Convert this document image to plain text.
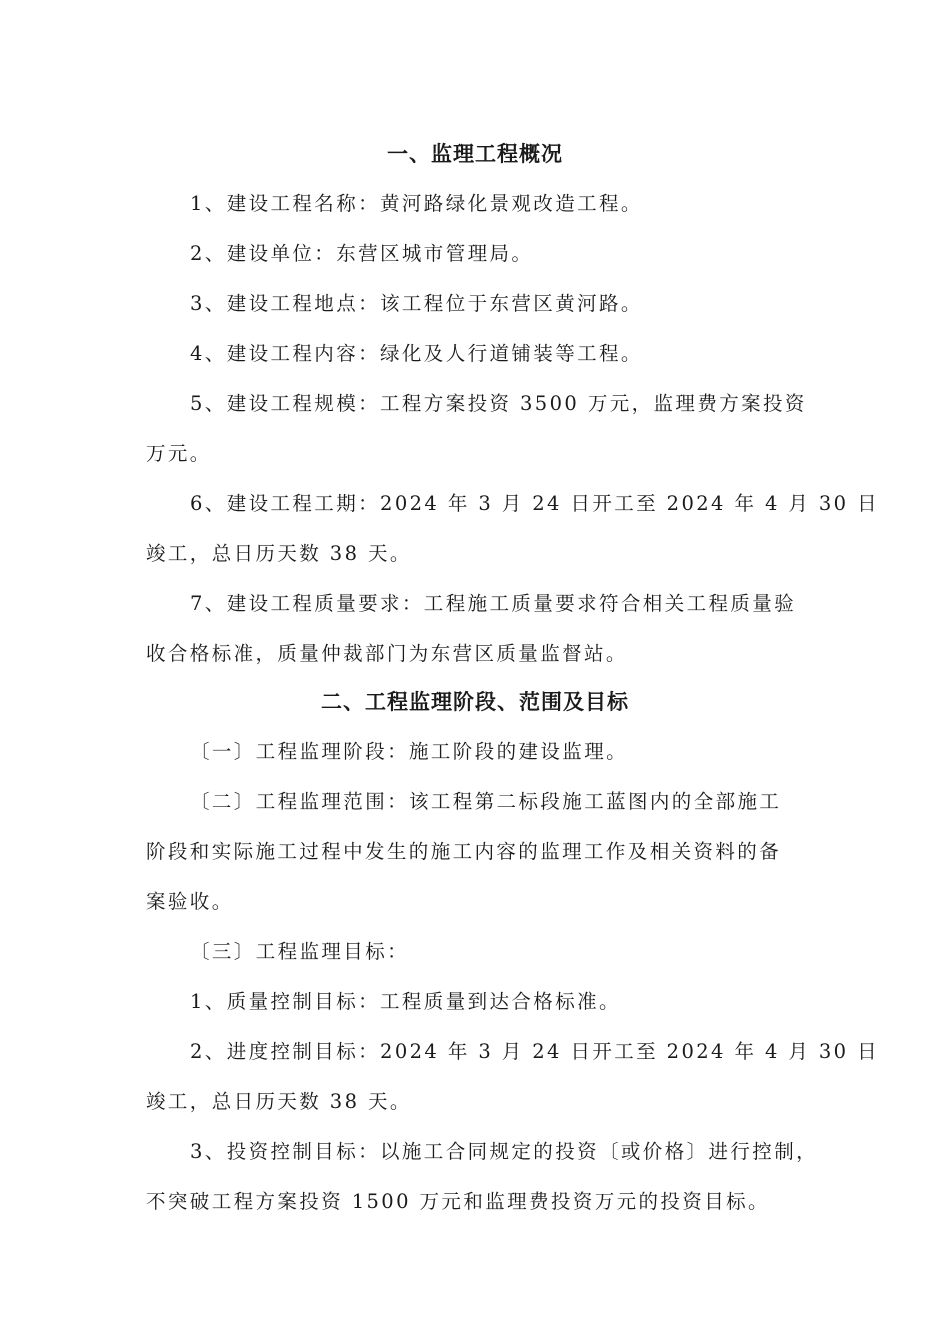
一、监理工程概况
1、建设工程名称：黄河路绿化景观改造工程。
2、建设单位：东营区城市管理局。
3、建设工程地点：该工程位于东营区黄河路。
4、建设工程内容：绿化及人行道铺装等工程。
5、建设工程规模：工程方案投资 3500 万元，监理费方案投资
万元。
6、建设工程工期：2024 年 3 月 24 日开工至 2024 年 4 月 30 日
竣工，总日历天数 38 天。
7、建设工程质量要求：工程施工质量要求符合相关工程质量验
收合格标准，质量仲裁部门为东营区质量监督站。
二、工程监理阶段、范围及目标
〔一〕工程监理阶段：施工阶段的建设监理。
〔二〕工程监理范围：该工程第二标段施工蓝图内的全部施工
阶段和实际施工过程中发生的施工内容的监理工作及相关资料的备
案验收。
〔三〕工程监理目标：
1、质量控制目标：工程质量到达合格标准。
2、进度控制目标：2024 年 3 月 24 日开工至 2024 年 4 月 30 日
竣工，总日历天数 38 天。
3、投资控制目标：以施工合同规定的投资〔或价格〕进行控制，
不突破工程方案投资 1500 万元和监理费投资万元的投资目标。
